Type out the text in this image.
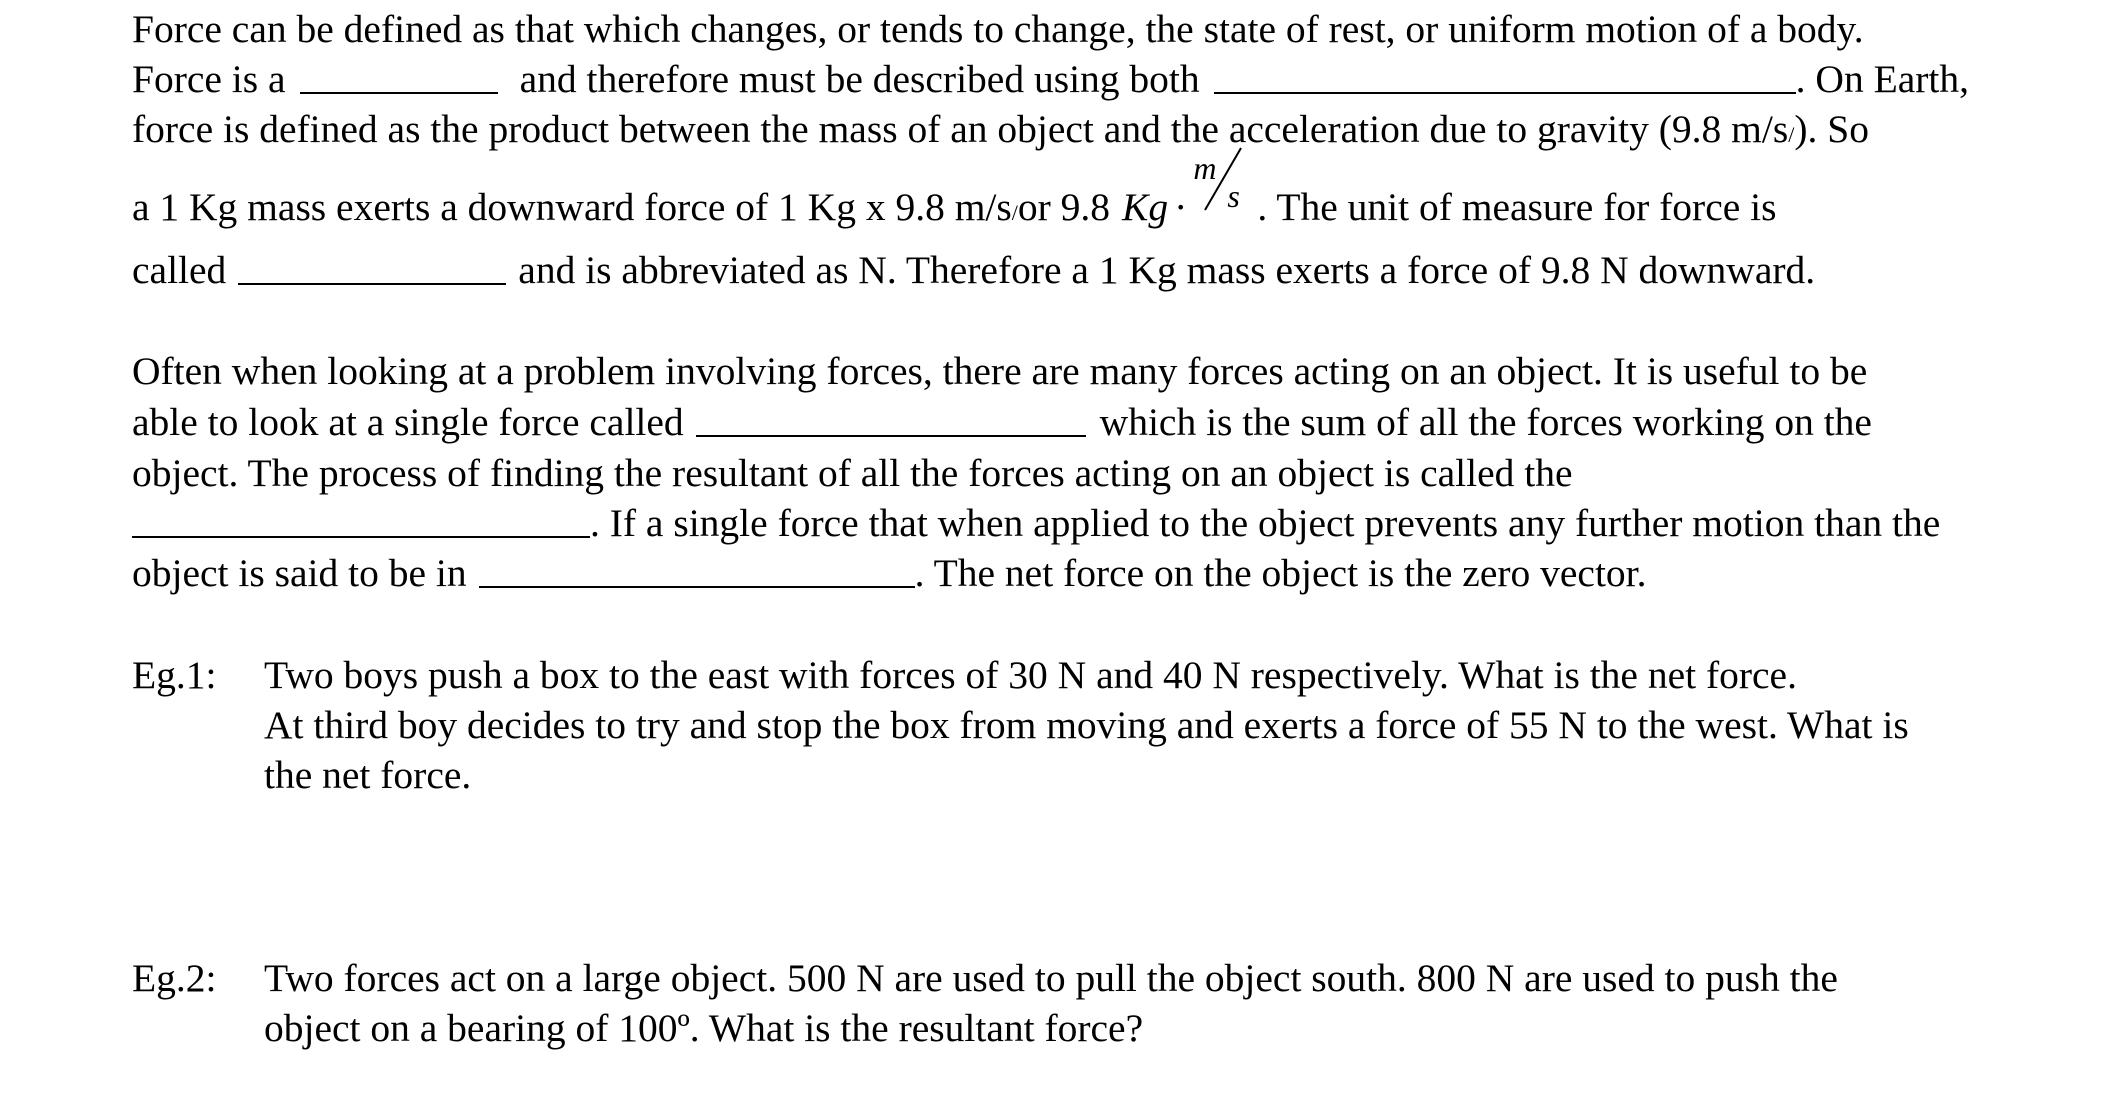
Force can be defined as that which changes, or tends to change, the state of rest, or uniform motion of a body.
Force is a	and therefore must be described using both	. On Earth,
force is defined as the product between the mass of an object and the acceleration due to gravity (9.8 m/s / ). So
a 1 Kg mass exerts a downward force of 1 Kg x 9.8 m/s / or 9.8 Kg ·
m
s . The unit of measure for force is
called	and is abbreviated as N. Therefore a 1 Kg mass exerts a force of 9.8 N downward.
Often when looking at a problem involving forces, there are many forces acting on an object. It is useful to be
able to look at a single force called	which is the sum of all the forces working on the
object. The process of finding the resultant of all the forces acting on an object is called the
. If a single force that when applied to the object prevents any further motion than the
object is said to be in	. The net force on the object is the zero vector.
Eg.1:	Two boys push a box to the east with forces of 30 N and 40 N respectively. What is the net force.
At third boy decides to try and stop the box from moving and exerts a force of 55 N to the west. What is
the net force.
Eg.2:	Two forces act on a large object. 500 N are used to pull the object south. 800 N are used to push the
object on a bearing of 100º. What is the resultant force?
